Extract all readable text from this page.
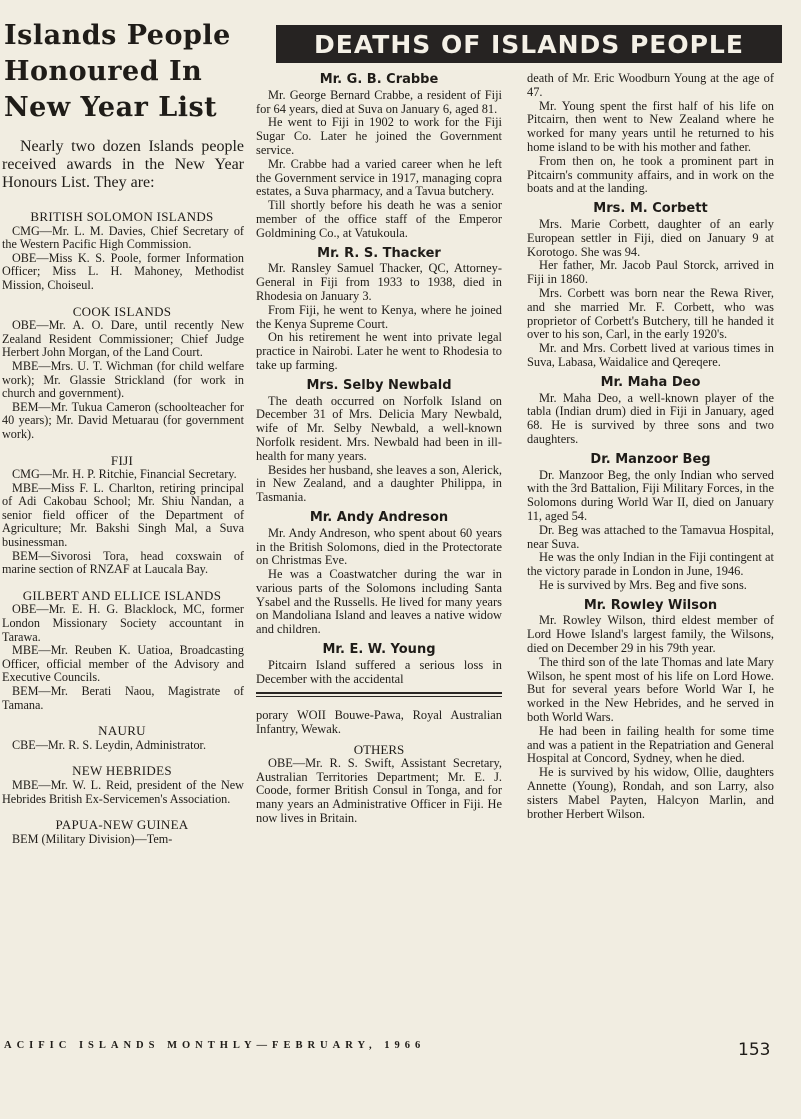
Islands People Honoured In New Year List

Nearly two dozen Islands people received awards in the New Year Honours List. They are:

BRITISH SOLOMON ISLANDS

CMG—Mr. L. M. Davies, Chief Secretary of the Western Pacific High Commission.

OBE—Miss K. S. Poole, former Information Officer; Miss L. H. Mahoney, Methodist Mission, Choiseul.

COOK ISLANDS

OBE—Mr. A. O. Dare, until recently New Zealand Resident Commissioner; Chief Judge Herbert John Morgan, of the Land Court.

MBE—Mrs. U. T. Wichman (for child welfare work); Mr. Glassie Strickland (for work in church and government).

BEM—Mr. Tukua Cameron (schoolteacher for 40 years); Mr. David Metuarau (for government work).

FIJI

CMG—Mr. H. P. Ritchie, Financial Secretary.

MBE—Miss F. L. Charlton, retiring principal of Adi Cakobau School; Mr. Shiu Nandan, a senior field officer of the Department of Agriculture; Mr. Bakshi Singh Mal, a Suva businessman.

BEM—Sivorosi Tora, head coxswain of marine section of RNZAF at Laucala Bay.

GILBERT AND ELLICE ISLANDS

OBE—Mr. E. H. G. Blacklock, MC, former London Missionary Society accountant in Tarawa.

MBE—Mr. Reuben K. Uatioa, Broadcasting Officer, official member of the Advisory and Executive Councils.

BEM—Mr. Berati Naou, Magistrate of Tamana.

NAURU

CBE—Mr. R. S. Leydin, Administrator.

NEW HEBRIDES

MBE—Mr. W. L. Reid, president of the New Hebrides British Ex-Servicemen's Association.

PAPUA-NEW GUINEA

BEM (Military Division)—Tem-

DEATHS OF ISLANDS PEOPLE
Mr. G. B. Crabbe

Mr. George Bernard Crabbe, a resident of Fiji for 64 years, died at Suva on January 6, aged 81.

He went to Fiji in 1902 to work for the Fiji Sugar Co. Later he joined the Government service.

Mr. Crabbe had a varied career when he left the Government service in 1917, managing copra estates, a Suva pharmacy, and a Tavua butchery.

Till shortly before his death he was a senior member of the office staff of the Emperor Goldmining Co., at Vatukoula.

Mr. R. S. Thacker

Mr. Ransley Samuel Thacker, QC, Attorney-General in Fiji from 1933 to 1938, died in Rhodesia on January 3.

From Fiji, he went to Kenya, where he joined the Kenya Supreme Court.

On his retirement he went into private legal practice in Nairobi. Later he went to Rhodesia to take up farming.

Mrs. Selby Newbald

The death occurred on Norfolk Island on December 31 of Mrs. Delicia Mary Newbald, wife of Mr. Selby Newbald, a well-known Norfolk resident. Mrs. Newbald had been in ill-health for many years.

Besides her husband, she leaves a son, Alerick, in New Zealand, and a daughter Philippa, in Tasmania.

Mr. Andy Andreson

Mr. Andy Andreson, who spent about 60 years in the British Solomons, died in the Protectorate on Christmas Eve.

He was a Coastwatcher during the war in various parts of the Solomons including Santa Ysabel and the Russells. He lived for many years on Mandoliana Island and leaves a native widow and children.

Mr. E. W. Young

Pitcairn Island suffered a serious loss in December with the accidental

porary WOII Bouwe-Pawa, Royal Australian Infantry, Wewak.

OTHERS

OBE—Mr. R. S. Swift, Assistant Secretary, Australian Territories Department; Mr. E. J. Coode, former British Consul in Tonga, and for many years an Administrative Officer in Fiji. He now lives in Britain.

death of Mr. Eric Woodburn Young at the age of 47.

Mr. Young spent the first half of his life on Pitcairn, then went to New Zealand where he worked for many years until he returned to his home island to be with his mother and father.

From then on, he took a prominent part in Pitcairn's community affairs, and in work on the boats and at the landing.

Mrs. M. Corbett

Mrs. Marie Corbett, daughter of an early European settler in Fiji, died on January 9 at Korotogo. She was 94.

Her father, Mr. Jacob Paul Storck, arrived in Fiji in 1860.

Mrs. Corbett was born near the Rewa River, and she married Mr. F. Corbett, who was proprietor of Corbett's Butchery, till he handed it over to his son, Carl, in the early 1920's.

Mr. and Mrs. Corbett lived at various times in Suva, Labasa, Waidalice and Qereqere.

Mr. Maha Deo

Mr. Maha Deo, a well-known player of the tabla (Indian drum) died in Fiji in January, aged 68. He is survived by three sons and two daughters.

Dr. Manzoor Beg

Dr. Manzoor Beg, the only Indian who served with the 3rd Battalion, Fiji Military Forces, in the Solomons during World War II, died on January 11, aged 54.

Dr. Beg was attached to the Tamavua Hospital, near Suva.

He was the only Indian in the Fiji contingent at the victory parade in London in June, 1946.

He is survived by Mrs. Beg and five sons.

Mr. Rowley Wilson

Mr. Rowley Wilson, third eldest member of Lord Howe Island's largest family, the Wilsons, died on December 29 in his 79th year.

The third son of the late Thomas and late Mary Wilson, he spent most of his life on Lord Howe. But for several years before World War I, he worked in the New Hebrides, and he served in both World Wars.

He had been in failing health for some time and was a patient in the Repatriation and General Hospital at Concord, Sydney, when he died.

He is survived by his widow, Ollie, daughters Annette (Young), Rondah, and son Larry, also sisters Mabel Payten, Halcyon Marlin, and brother Herbert Wilson.

ACIFIC ISLANDS MONTHLY—FEBRUARY, 1966	153
